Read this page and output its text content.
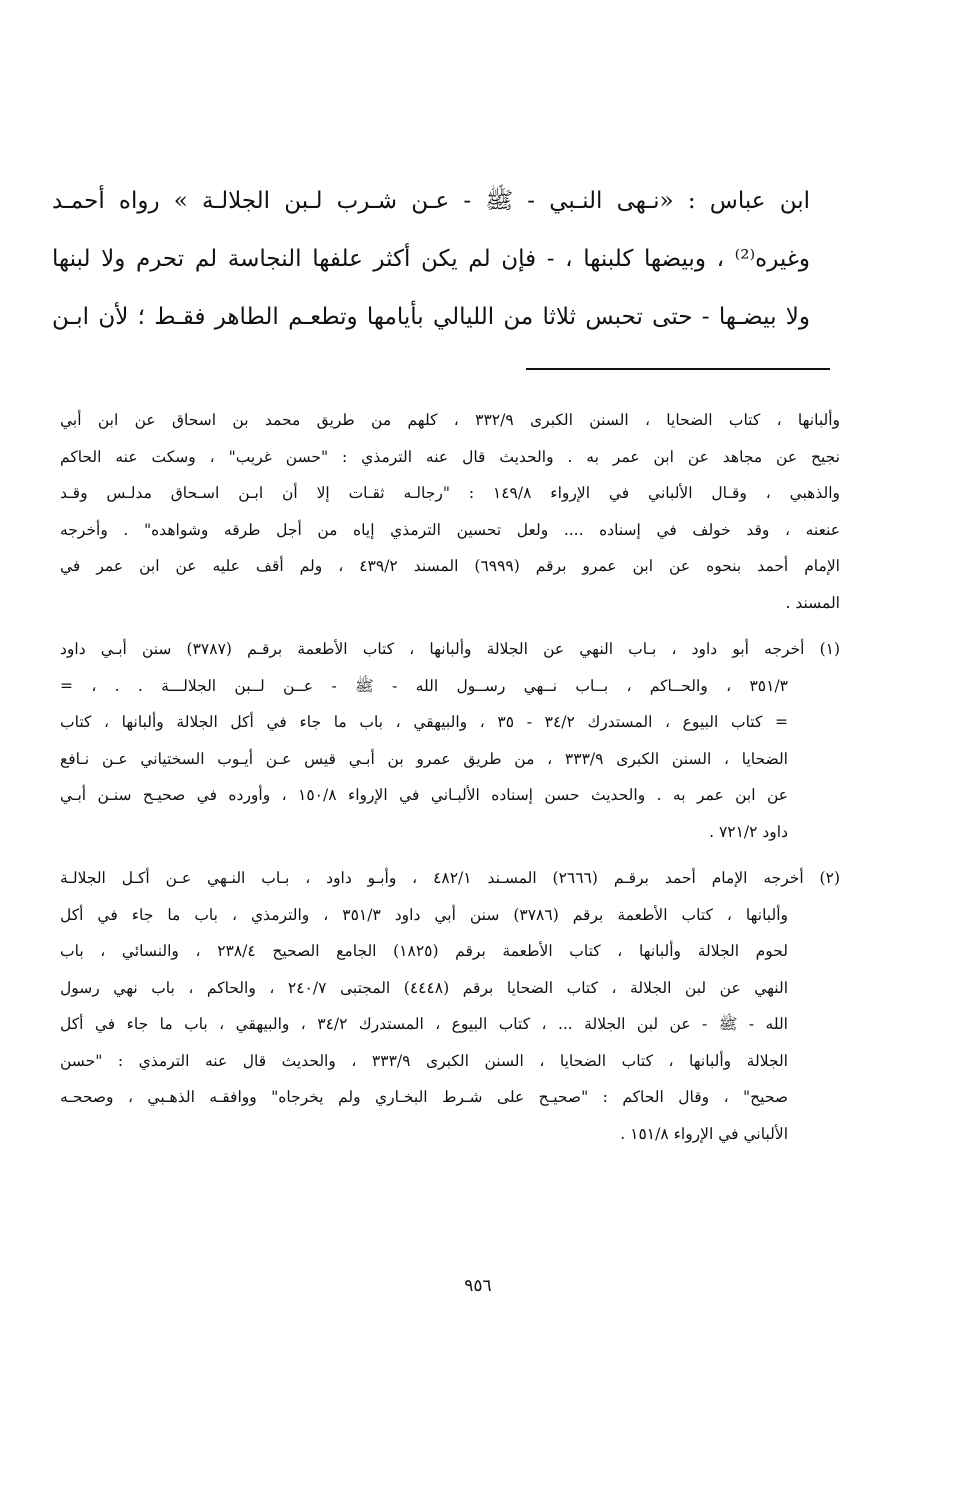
ابن عباس : «نـهى النـبي - ﷺ - عـن شـرب لـبن الجلالـة » رواه أحمـد
وغيره⁽²⁾ ، وبيضها كلبنها ، - فإن لم يكن أكثر علفها النجاسة لم تحرم ولا لبنها
ولا بيضـها - حتى تحبس ثلاثا من الليالي بأيامها وتطعـم الطاهر فقـط ؛ لأن ابـن
وألبانها ، كتاب الضحايا ، السنن الكبرى ٣٣٢/٩ ، كلهم من طريق محمد بن اسحاق عن ابن أبي
نجيح عن مجاهد عن ابن عمر به . والحديث قال عنه الترمذي : "حسن غريب" ، وسكت عنه الحاكم
والذهبي ، وقـال الألباني في الإرواء ١٤٩/٨ : "رجالـه ثقـات إلا أن ابـن اسـحاق مدلـس وقـد
عنعنه ، وقد خولف في إسناده .... ولعل تحسين الترمذي إياه من أجل طرقه وشواهده" . وأخرجه
الإمام أحمد بنحوه عن ابن عمرو برقم (٦٩٩٩) المسند ٤٣٩/٢ ، ولم أقف عليه عن ابن عمر في
المسند .
(١) أخرجه أبو داود ، بـاب النهي عن الجلالة وألبانها ، كتاب الأطعمة برقـم (٣٧٨٧) سنن أبـي داود
٣٥١/٣ ، والحــاكم ، بــاب نــهي رســول الله - ﷺ - عــن لــبن الجلالـــة . . ، =
= كتاب البيوع ، المستدرك ٣٤/٢ - ٣٥ ، والبيهقي ، باب ما جاء في أكل الجلالة وألبانها ، كتاب
الضحايا ، السنن الكبرى ٣٣٣/٩ ، من طريق عمرو بن أبـي قيس عـن أيـوب السختياني عـن نـافع
عن ابن عمر به . والحديث حسن إسناده الألبـاني في الإرواء ١٥٠/٨ ، وأورده في صحيـح سنـن أبـي
داود ٧٢١/٢ .
(٢) أخرجه الإمام أحمد برقـم (٢٦٦٦) المسـند ٤٨٢/١ ، وأبـو داود ، بـاب النـهي عـن أكـل الجلالـة
وألبانها ، كتاب الأطعمة برقم (٣٧٨٦) سنن أبي داود ٣٥١/٣ ، والترمذي ، باب ما جاء في أكل
لحوم الجلالة وألبانها ، كتاب الأطعمة برقم (١٨٢٥) الجامع الصحيح ٢٣٨/٤ ، والنسائي ، باب
النهي عن لبن الجلالة ، كتاب الضحايا برقم (٤٤٤٨) المجتبى ٢٤٠/٧ ، والحاكم ، باب نهي رسول
الله - ﷺ - عن لبن الجلالة ... ، كتاب البيوع ، المستدرك ٣٤/٢ ، والبيهقي ، باب ما جاء في أكل
الجلالة وألبانها ، كتاب الضحايا ، السنن الكبرى ٣٣٣/٩ ، والحديث قال عنه الترمذي : "حسن
صحيح" ، وقال الحاكم : "صحيـح على شـرط البخـاري ولم يخرجاه" ووافقـه الذهـبي ، وصححـه
الألباني في الإرواء ١٥١/٨ .
٩٥٦
